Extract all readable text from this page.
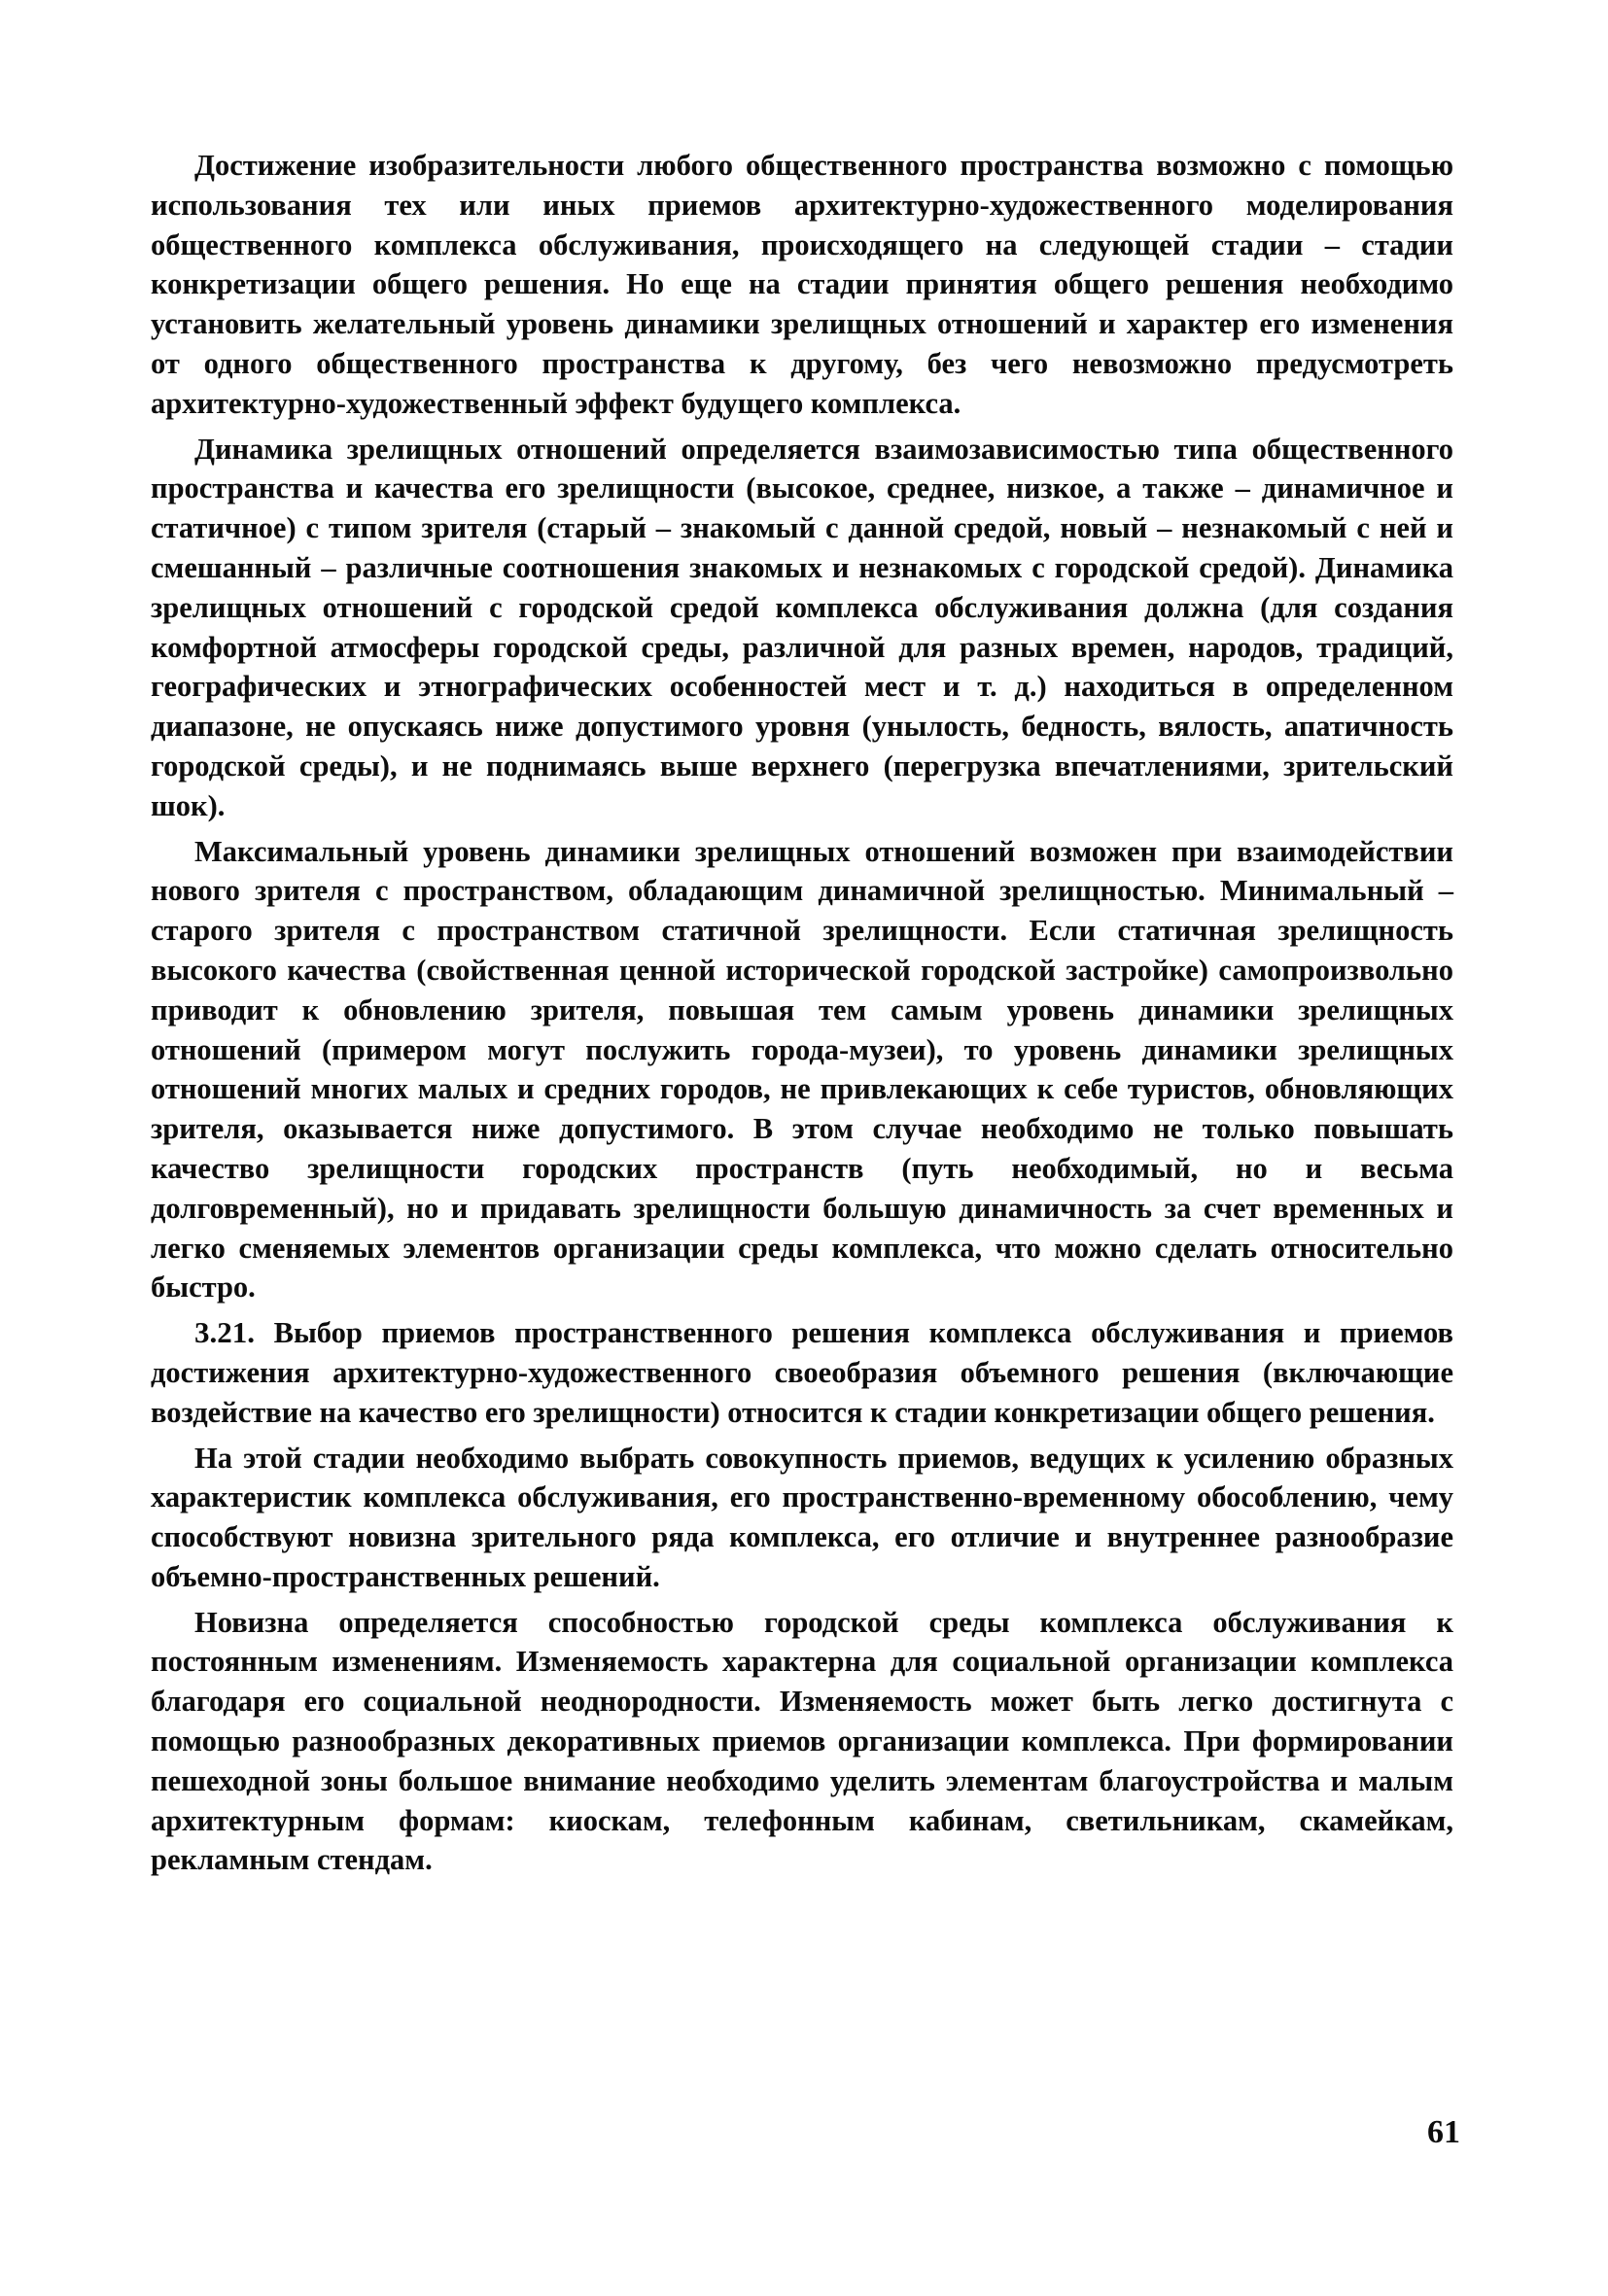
Достижение изобразительности любого общественного пространства возможно с помощью использования тех или иных приемов архитектурно-художественного моделирования общественного комплекса обслуживания, происходящего на следующей стадии – стадии конкретизации общего решения. Но еще на стадии принятия общего решения необходимо установить желательный уровень динамики зрелищных отношений и характер его изменения от одного общественного пространства к другому, без чего невозможно предусмотреть архитектурно-художественный эффект будущего комплекса.

Динамика зрелищных отношений определяется взаимозависимостью типа общественного пространства и качества его зрелищности (высокое, среднее, низкое, а также – динамичное и статичное) с типом зрителя (старый – знакомый с данной средой, новый – незнакомый с ней и смешанный – различные соотношения знакомых и незнакомых с городской средой). Динамика зрелищных отношений с городской средой комплекса обслуживания должна (для создания комфортной атмосферы городской среды, различной для разных времен, народов, традиций, географических и этнографических особенностей мест и т. д.) находиться в определенном диапазоне, не опускаясь ниже допустимого уровня (унылость, бедность, вялость, апатичность городской среды), и не поднимаясь выше верхнего (перегрузка впечатлениями, зрительский шок).

Максимальный уровень динамики зрелищных отношений возможен при взаимодействии нового зрителя с пространством, обладающим динамичной зрелищностью. Минимальный – старого зрителя с пространством статичной зрелищности. Если статичная зрелищность высокого качества (свойственная ценной исторической городской застройке) самопроизвольно приводит к обновлению зрителя, повышая тем самым уровень динамики зрелищных отношений (примером могут послужить города-музеи), то уровень динамики зрелищных отношений многих малых и средних городов, не привлекающих к себе туристов, обновляющих зрителя, оказывается ниже допустимого. В этом случае необходимо не только повышать качество зрелищности городских пространств (путь необходимый, но и весьма долговременный), но и придавать зрелищности большую динамичность за счет временных и легко сменяемых элементов организации среды комплекса, что можно сделать относительно быстро.

3.21. Выбор приемов пространственного решения комплекса обслуживания и приемов достижения архитектурно-художественного своеобразия объемного решения (включающие воздействие на качество его зрелищности) относится к стадии конкретизации общего решения.

На этой стадии необходимо выбрать совокупность приемов, ведущих к усилению образных характеристик комплекса обслуживания, его пространственно-временному обособлению, чему способствуют новизна зрительного ряда комплекса, его отличие и внутреннее разнообразие объемно-пространственных решений.

Новизна определяется способностью городской среды комплекса обслуживания к постоянным изменениям. Изменяемость характерна для социальной организации комплекса благодаря его социальной неоднородности. Изменяемость может быть легко достигнута с помощью разнообразных декоративных приемов организации комплекса. При формировании пешеходной зоны большое внимание необходимо уделить элементам благоустройства и малым архитектурным формам: киоскам, телефонным кабинам, светильникам, скамейкам, рекламным стендам.

61
